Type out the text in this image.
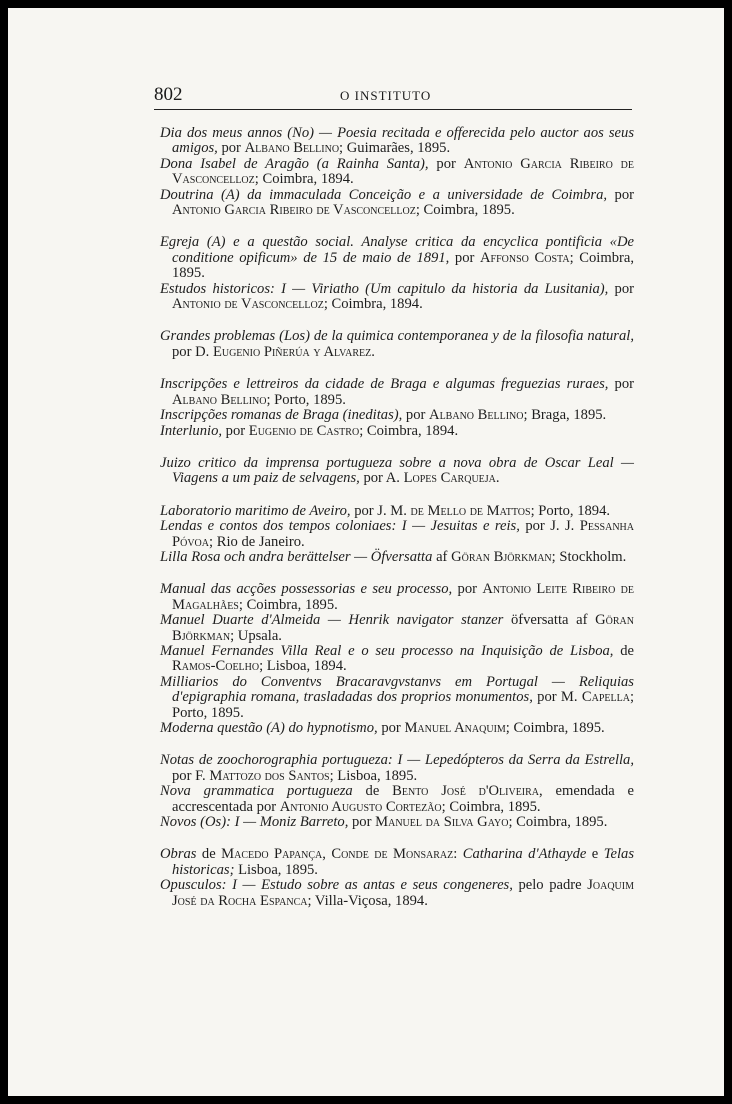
802	O INSTITUTO
Dia dos meus annos (No) — Poesia recitada e offerecida pelo auctor aos seus amigos, por Albano Bellino; Guimarães, 1895.
Dona Isabel de Aragão (a Rainha Santa), por Antonio Garcia Ribeiro de Vasconcelloz; Coimbra, 1894.
Doutrina (A) da immaculada Conceição e a universidade de Coimbra, por Antonio Garcia Ribeiro de Vasconcelloz; Coimbra, 1895.
Egreja (A) e a questão social. Analyse critica da encyclica pontificia «De conditione opificum» de 15 de maio de 1891, por Affonso Costa; Coimbra, 1895.
Estudos historicos: I — Viriatho (Um capitulo da historia da Lusitania), por Antonio de Vasconcelloz; Coimbra, 1894.
Grandes problemas (Los) de la quimica contemporanea y de la filosofia natural, por D. Eugenio Piñerúa y Alvarez.
Inscripções e lettreiros da cidade de Braga e algumas freguezias ruraes, por Albano Bellino; Porto, 1895.
Inscripções romanas de Braga (ineditas), por Albano Bellino; Braga, 1895.
Interlunio, por Eugenio de Castro; Coimbra, 1894.
Juizo critico da imprensa portugueza sobre a nova obra de Oscar Leal — Viagens a um paiz de selvagens, por A. Lopes Carqueja.
Laboratorio maritimo de Aveiro, por J. M. de Mello de Mattos; Porto, 1894.
Lendas e contos dos tempos coloniaes: I — Jesuitas e reis, por J. J. Pessanha Póvoa; Rio de Janeiro.
Lilla Rosa och andra berättelser — Öfversatta af Göran Björkman; Stockholm.
Manual das acções possessorias e seu processo, por Antonio Leite Ribeiro de Magalhães; Coimbra, 1895.
Manuel Duarte d'Almeida — Henrik navigator stanzer öfversatta af Göran Björkman; Upsala.
Manuel Fernandes Villa Real e o seu processo na Inquisição de Lisboa, de Ramos-Coelho; Lisboa, 1894.
Milliarios do Conventvs Bracaravgvstanvs em Portugal — Reliquias d'epigraphia romana, trasladadas dos proprios monumentos, por M. Capella; Porto, 1895.
Moderna questão (A) do hypnotismo, por Manuel Anaquim; Coimbra, 1895.
Notas de zoochorographia portugueza: I — Lepedópteros da Serra da Estrella, por F. Mattozo dos Santos; Lisboa, 1895.
Nova grammatica portugueza de Bento José d'Oliveira, emendada e accrescentada por Antonio Augusto Cortezão; Coimbra, 1895.
Novos (Os): I — Moniz Barreto, por Manuel da Silva Gayo; Coimbra, 1895.
Obras de Macedo Papança, Conde de Monsaraz: Catharina d'Athayde e Telas historicas; Lisboa, 1895.
Opusculos: I — Estudo sobre as antas e seus congeneres, pelo padre Joaquim José da Rocha Espanca; Villa-Viçosa, 1894.
